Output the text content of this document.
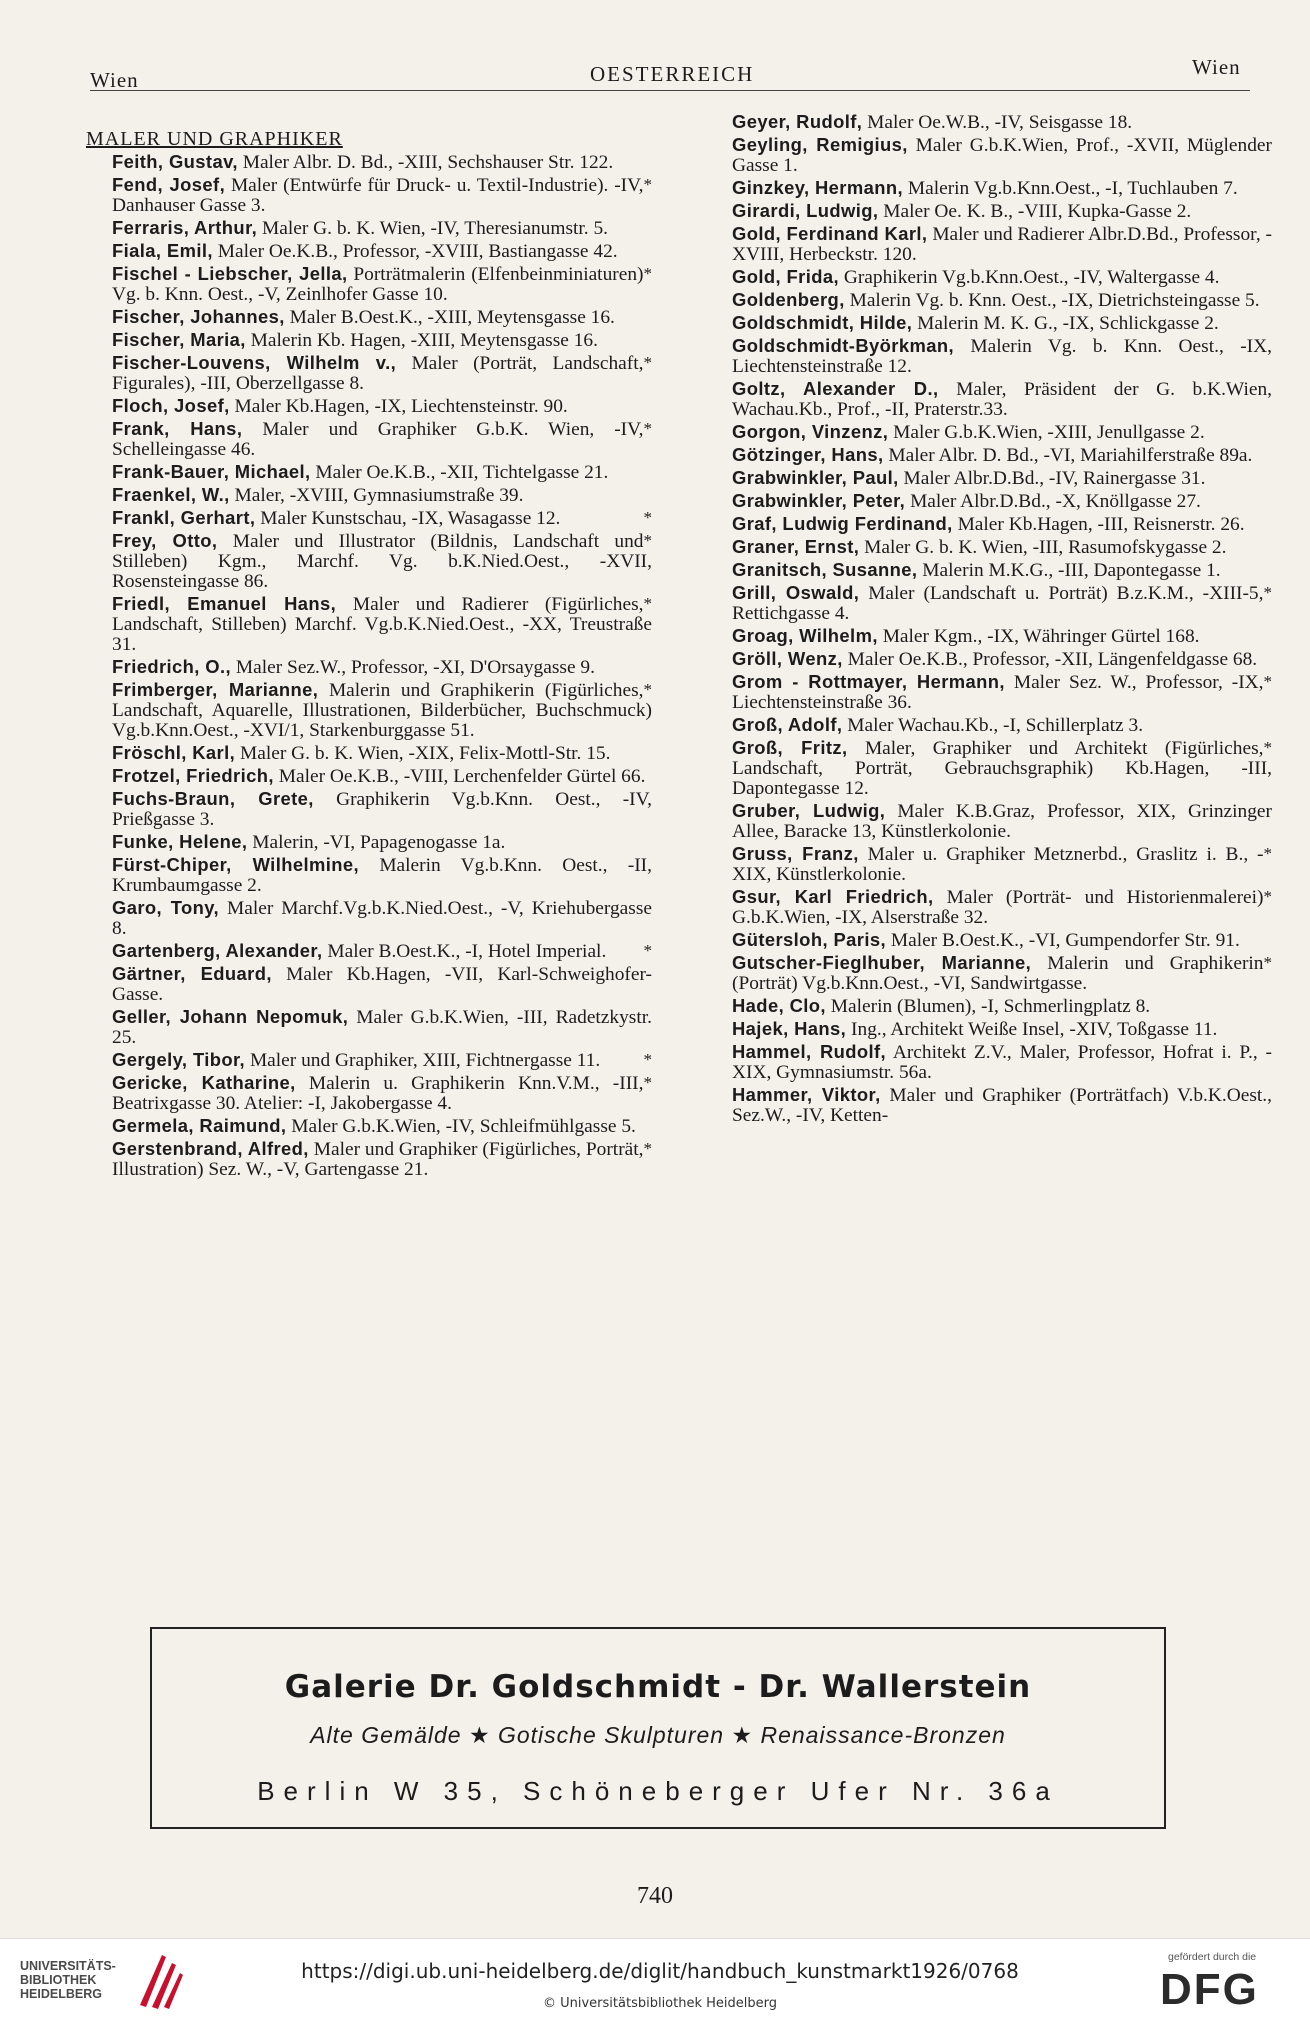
Wien	OESTERREICH	Wien
MALER UND GRAPHIKER
Feith, Gustav, Maler Albr. D. Bd., -XIII, Sechshauser Str. 122.
*
Fend, Josef, Maler (Entwürfe für Druck- u. Textil-Industrie). -IV, Danhauser Gasse 3.
Ferraris, Arthur, Maler G. b. K. Wien, -IV, Theresianumstr. 5.
Fiala, Emil, Maler Oe.K.B., Professor, -XVIII, Bastiangasse 42.
*
Fischel - Liebscher, Jella, Porträtmalerin (Elfenbeinminiaturen) Vg. b. Knn. Oest., -V, Zeinlhofer Gasse 10.
Fischer, Johannes, Maler B.Oest.K., -XIII, Meytensgasse 16.
Fischer, Maria, Malerin Kb. Hagen, -XIII, Meytensgasse 16.
*
Fischer-Louvens, Wilhelm v., Maler (Porträt, Landschaft, Figurales), -III, Oberzellgasse 8.
Floch, Josef, Maler Kb.Hagen, -IX, Liechtensteinstr. 90.
*
Frank, Hans, Maler und Graphiker G.b.K. Wien, -IV, Schelleingasse 46.
Frank-Bauer, Michael, Maler Oe.K.B., -XII, Tichtelgasse 21.
Fraenkel, W., Maler, -XVIII, Gymnasiumstraße 39.
*
Frankl, Gerhart, Maler Kunstschau, -IX, Wasagasse 12.
*
Frey, Otto, Maler und Illustrator (Bildnis, Landschaft und Stilleben) Kgm., Marchf. Vg. b.K.Nied.Oest., -XVII, Rosensteingasse 86.
*
Friedl, Emanuel Hans, Maler und Radierer (Figürliches, Landschaft, Stilleben) Marchf. Vg.b.K.Nied.Oest., -XX, Treustraße 31.
Friedrich, O., Maler Sez.W., Professor, -XI, D'Orsaygasse 9.
*
Frimberger, Marianne, Malerin und Graphikerin (Figürliches, Landschaft, Aquarelle, Illustrationen, Bilderbücher, Buchschmuck) Vg.b.Knn.Oest., -XVI/1, Starkenburggasse 51.
Fröschl, Karl, Maler G. b. K. Wien, -XIX, Felix-Mottl-Str. 15.
Frotzel, Friedrich, Maler Oe.K.B., -VIII, Lerchenfelder Gürtel 66.
Fuchs-Braun, Grete, Graphikerin Vg.b.Knn. Oest., -IV, Prießgasse 3.
Funke, Helene, Malerin, -VI, Papagenogasse 1a.
Fürst-Chiper, Wilhelmine, Malerin Vg.b.Knn. Oest., -II, Krumbaumgasse 2.
Garo, Tony, Maler Marchf.Vg.b.K.Nied.Oest., -V, Kriehubergasse 8.
*
Gartenberg, Alexander, Maler B.Oest.K., -I, Hotel Imperial.
Gärtner, Eduard, Maler Kb.Hagen, -VII, Karl-Schweighofer-Gasse.
Geller, Johann Nepomuk, Maler G.b.K.Wien, -III, Radetzkystr. 25.
*
Gergely, Tibor, Maler und Graphiker, XIII, Fichtnergasse 11.
*
Gericke, Katharine, Malerin u. Graphikerin Knn.V.M., -III, Beatrixgasse 30. Atelier: -I, Jakobergasse 4.
Germela, Raimund, Maler G.b.K.Wien, -IV, Schleifmühlgasse 5.
*
Gerstenbrand, Alfred, Maler und Graphiker (Figürliches, Porträt, Illustration) Sez. W., -V, Gartengasse 21.
Geyer, Rudolf, Maler Oe.W.B., -IV, Seisgasse 18.
Geyling, Remigius, Maler G.b.K.Wien, Prof., -XVII, Müglender Gasse 1.
Ginzkey, Hermann, Malerin Vg.b.Knn.Oest., -I, Tuchlauben 7.
Girardi, Ludwig, Maler Oe. K. B., -VIII, Kupka-Gasse 2.
Gold, Ferdinand Karl, Maler und Radierer Albr.D.Bd., Professor, -XVIII, Herbeckstr. 120.
Gold, Frida, Graphikerin Vg.b.Knn.Oest., -IV, Waltergasse 4.
Goldenberg, Malerin Vg. b. Knn. Oest., -IX, Dietrichsteingasse 5.
Goldschmidt, Hilde, Malerin M. K. G., -IX, Schlickgasse 2.
Goldschmidt-Byörkman, Malerin Vg. b. Knn. Oest., -IX, Liechtensteinstraße 12.
Goltz, Alexander D., Maler, Präsident der G. b.K.Wien, Wachau.Kb., Prof., -II, Praterstr.33.
Gorgon, Vinzenz, Maler G.b.K.Wien, -XIII, Jenullgasse 2.
Götzinger, Hans, Maler Albr. D. Bd., -VI, Mariahilferstraße 89a.
Grabwinkler, Paul, Maler Albr.D.Bd., -IV, Rainergasse 31.
Grabwinkler, Peter, Maler Albr.D.Bd., -X, Knöllgasse 27.
Graf, Ludwig Ferdinand, Maler Kb.Hagen, -III, Reisnerstr. 26.
Graner, Ernst, Maler G. b. K. Wien, -III, Rasumofskygasse 2.
Granitsch, Susanne, Malerin M.K.G., -III, Dapontegasse 1.
*
Grill, Oswald, Maler (Landschaft u. Porträt) B.z.K.M., -XIII-5, Rettichgasse 4.
Groag, Wilhelm, Maler Kgm., -IX, Währinger Gürtel 168.
Gröll, Wenz, Maler Oe.K.B., Professor, -XII, Längenfeldgasse 68.
*
Grom - Rottmayer, Hermann, Maler Sez. W., Professor, -IX, Liechtensteinstraße 36.
Groß, Adolf, Maler Wachau.Kb., -I, Schillerplatz 3.
*
Groß, Fritz, Maler, Graphiker und Architekt (Figürliches, Landschaft, Porträt, Gebrauchsgraphik) Kb.Hagen, -III, Dapontegasse 12.
Gruber, Ludwig, Maler K.B.Graz, Professor, XIX, Grinzinger Allee, Baracke 13, Künstlerkolonie.
*
Gruss, Franz, Maler u. Graphiker Metznerbd., Graslitz i. B., -XIX, Künstlerkolonie.
*
Gsur, Karl Friedrich, Maler (Porträt- und Historienmalerei) G.b.K.Wien, -IX, Alserstraße 32.
Gütersloh, Paris, Maler B.Oest.K., -VI, Gumpendorfer Str. 91.
*
Gutscher-Fieglhuber, Marianne, Malerin und Graphikerin (Porträt) Vg.b.Knn.Oest., -VI, Sandwirtgasse.
Hade, Clo, Malerin (Blumen), -I, Schmerlingplatz 8.
Hajek, Hans, Ing., Architekt Weiße Insel, -XIV, Toßgasse 11.
Hammel, Rudolf, Architekt Z.V., Maler, Professor, Hofrat i. P., -XIX, Gymnasiumstr. 56a.
Hammer, Viktor, Maler und Graphiker (Porträtfach) V.b.K.Oest., Sez.W., -IV, Ketten-
Galerie Dr. Goldschmidt - Dr. Wallerstein
Alte Gemälde ★ Gotische Skulpturen ★ Renaissance-Bronzen
Berlin W 35, Schöneberger Ufer Nr. 36a
740
UNIVERSITÄTS-
BIBLIOTHEK
HEIDELBERG
https://digi.ub.uni-heidelberg.de/diglit/handbuch_kunstmarkt1926/0768
© Universitätsbibliothek Heidelberg
gefördert durch die
DFG
